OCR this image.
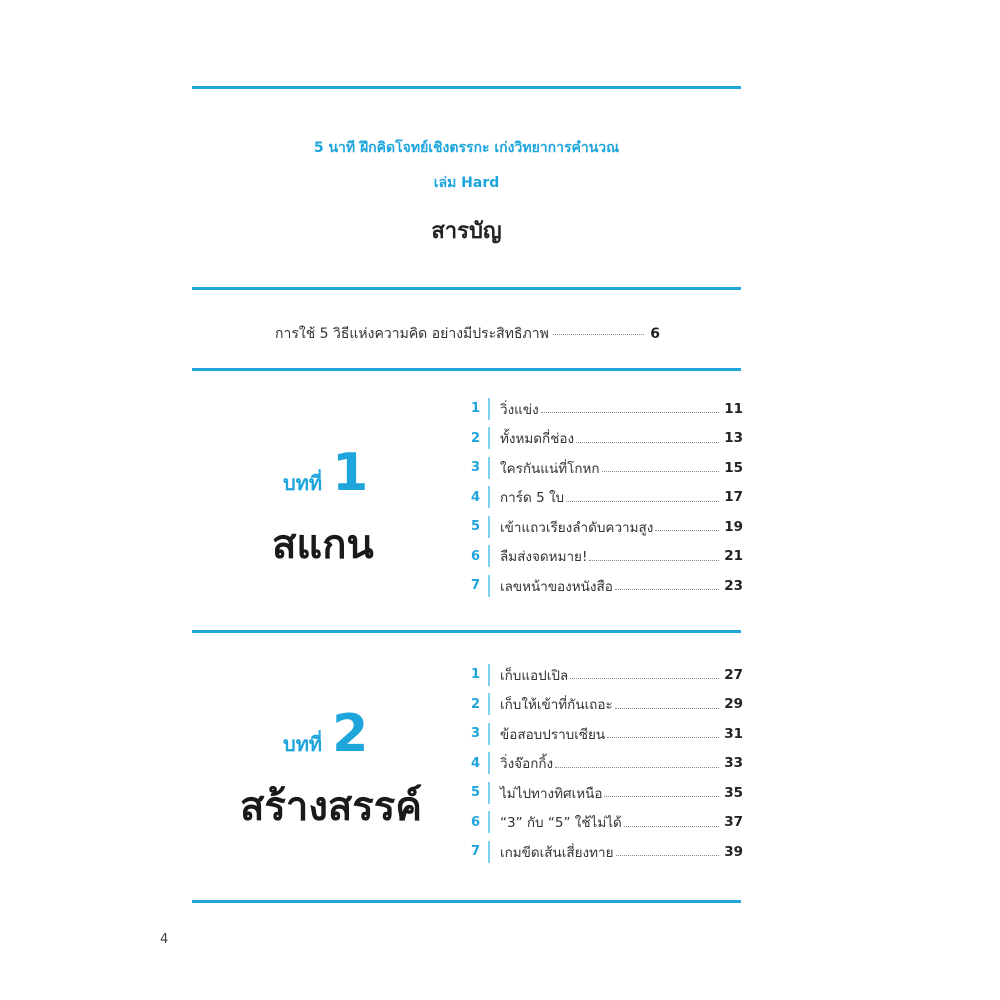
5 นาที ฝึกคิดโจทย์เชิงตรรกะ เก่งวิทยาการคำนวณ
เล่ม Hard
สารบัญ
การใช้ 5 วิธีแห่งความคิด อย่างมีประสิทธิภาพ	6
บทที่ 1
สแกน
1	วิ่งแข่ง	11
2	ทั้งหมดกี่ช่อง	13
3	ใครกันแน่ที่โกหก	15
4	การ์ด 5 ใบ	17
5	เข้าแถวเรียงลำดับความสูง	19
6	ลืมส่งจดหมาย!	21
7	เลขหน้าของหนังสือ	23
บทที่ 2
สร้างสรรค์
1	เก็บแอปเปิล	27
2	เก็บให้เข้าที่กันเถอะ	29
3	ข้อสอบปราบเซียน	31
4	วิ่งจ๊อกกิ้ง	33
5	ไม่ไปทางทิศเหนือ	35
6	“3” กับ “5” ใช้ไม่ได้	37
7	เกมขีดเส้นเสี่ยงทาย	39
4
